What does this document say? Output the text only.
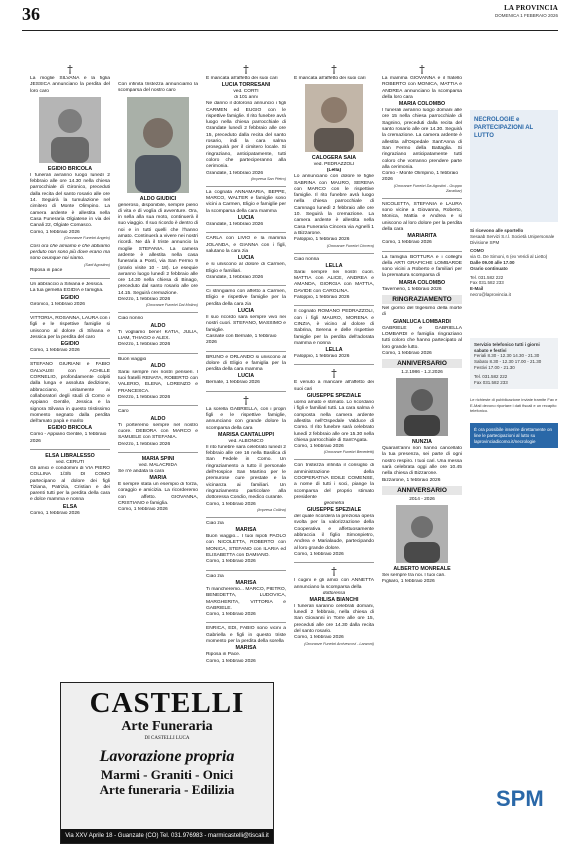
36	LA PROVINCIA
DOMENICA 1 FEBBRAIO 2026
†

La moglie SILVANA e la figlia JESSICA annunciano la perdita del loro caro

EGIDIO BRICOLA

I funerali avranno luogo lunedì 2 febbraio alle ore 14.30 nella chiesa parrocchiale di Gironico, preceduti dalla recita del santo rosario alle ore 14. Seguirà la tumulazione nel cimitero di Monte Olimpino. La camera ardente è allestita nella Casa Funeraria Olgiatese in via dei Canali 22, Olgiate Comasco.

Como, 1 febbraio 2026

(Onoranze Funebri Angelo)

Così ora che amiamo e che abbiamo perduto non sono più dove erano ma sono ovunque noi siamo.

(Sant'Agostino)

Riposa in pace

Un abbraccio a Silvana e Jessica.

La tua gemella EGIDIA e famiglia.

EGIDIO

Gironico, 1 febbraio 2026

VITTORIA, ROSANNA, LAURA con i figli e le rispettive famiglie si uniscono al dolore di Silvana e Jessica per la perdita del caro

EGIDIO

Como, 1 febbraio 2026

STEFANO GIURIANI e FABIO GALVAUSI con ACHILLE CORNELIO, profondamente colpiti dalla lunga e assoluta dedizione, abbracciano, unitamente ai collaboratori degli studi di Como e Appiano Gentile, Jessica e la signora Silvana in questo tristissimo momento segnato dalla perdita dell'amato papà e marito

EGIDIO BRICOLA

Como - Appiano Gentile, 1 febbraio 2026

ELSA LIBRALESSO
ved. CERUTI

Gli amici e condomini di VIA PIERO COLLINA 1/3/5 DI COMO partecipano al dolore dei figli Tiziana, Patrizia, Cristian e dei parenti tutti per la perdita della cara e dolce mamma e nonna

ELSA

Como, 1 febbraio 2026

Con infinita tristezza annunciamo la scomparsa del nostro caro

ALDO GIUDICI

generoso, disponibile, sempre pieno di vita e di voglia di avventure. Ora, in sella alla sua moto, continuerà il suo viaggio. Il suo ricordo è dentro di noi e in tutti quelli che l'hanno amato. Continuerà a vivere nei nostri ricordi. Ne dà il triste annuncio la moglie STEFANIA. La camera ardente è allestita nella casa funeraria a Ponti, via San Fermo 9 (orario visite 10 - 18). Le esequie avranno luogo lunedì 2 febbraio alle ore 14.30 nella chiesa di Binago, preceduto dal santo rosario alle ore 14.15. Seguirà cremazione.

Drezzo, 1 febbraio 2026

(Onoranze Funebri Dal Molino)

Ciao nonno

ALDO

Ti vogliamo bene! KATIA, JULIA, LIAM, THIAGO e ALEX.

Drezzo, 1 febbraio 2026

Buon viaggio

ALDO

Sarai sempre nei nostri pensieri. I tuoi fratelli RENATA, ROBERTO con VALERIO, ELENA, LORENZO e FRANCESCA.

Drezzo, 1 febbraio 2026

Caro

ALDO

Ti porteremo sempre nel nostro cuore. DEBORA con MARCO e SAMUELE con STEFANIA.

Drezzo, 1 febbraio 2026

MARIA SPINI
ved. MALACRIDA

Se n'è andata la cara

MARIA

È sempre stata un esempio di forza, coraggio e amicizia. La ricorderemo con affetto. GIOVANNA, CRISTIANO e famiglia.

Como, 1 febbraio 2026

†

È mancata all'affetto dei suoi cari

LUCIA TORRESANI
ved. CORTI
di 101 anni

Ne danno il doloroso annuncio i figli CARMEN ed EUGIO con le rispettive famiglie. Il rito funebre avrà luogo nella chiesa parrocchiale di Grandate lunedì 2 febbraio alle ore 15, preceduto dalla recita del santo rosario, indi la cara salma proseguirà per il cimitero locale. Si ringraziano, anticipatamente, tutti coloro che parteciperanno alla cerimonia.

Grandate, 1 febbraio 2026

(Impresa San Pietro)

La cognata ANNAMARIA, BEPPE, MARCO, WALTER e famiglie sono vicini a Carmen, Eligio e famiglie per la scomparsa della cara mamma

LUCIA

Grandate, 1 febbraio 2026

CARLA con LIVIO e la mamma JOLANDA, e GIANNA con i figli, salutano la cara zia

LUCIA

e si uniscono al dolore di Carmen, Eligio e familiari.

Grandate, 1 febbraio 2026

Ci stringiamo con affetto a Carmen, Eligio e rispettive famiglie per la perdita della cara zia

LUCIA

Il suo ricordo sarà sempre vivo nei nostri cuori. STEFANO, MASSIMO e famiglie.

Casnate con Bernate, 1 febbraio 2026

BRUNO e ORLANDO si uniscono al dolore di Eligio e famiglia per la perdita della cara mamma

LUCIA

Bernate, 1 febbraio 2026

†

La sorella GABRIELLA, con i propri figli e le rispettive famiglie, annunciano con grande dolore la scomparsa della cara

MARISA CANTALUPPI
ved. ALBONICO

Il rito funebre sarà celebrato lunedì 2 febbraio alle ore 16 nella Basilica di San Fedele in Como. Un ringraziamento a tutto il personale dell'Hospice San Martino per le premurose cure prestate e la vicinanza ai familiari. Un ringraziamento particolare alla dottoressa Condio, medico curante.

Como, 1 febbraio 2026

(Impresa Collina)

Ciao zia

MARISA

Buon viaggio... I tuoi nipoti PAOLO con NICOLETTA, ROBERTO con MONICA, STEFANO con ILARIA ed ELISABETTA con DAMIANO.

Como, 1 febbraio 2026

Ciao zia

MARISA

Ti mancheremo... MARCO, PIETRO, BENEDETTA, LUDOVICA, MARGHERITA, VITTORIA e GABRIELE.

Como, 1 febbraio 2026

ENRICA, EDI, FABIO sono vicini a Gabriella e figli in questo triste momento per la perdita della sorella

MARISA

Riposa in Pace.

Como, 1 febbraio 2026

†

È mancata all'affetto dei suoi cari

CALOGERA SAIA
ved. PEDRAZZOLI
(Lella)

Lo annunciano con dolore le figlie SABRINA con MAURO, SERENA con MARCO con le rispettive famiglie. Il rito funebre avrà luogo nella chiesa parrocchiale di Camnago lunedì 2 febbraio alle ore 10. Seguirà la cremazione. La camera ardente è allestita nella Casa Funeraria Cincera via Agnelli 1 a Bizzarone.

Faloppio, 1 febbraio 2026

(Onoranze Funebri Cincera)

Ciao nonna

LELLA

Sarai sempre nei nostri cuori. MATTIA con ALICE, ANDREA e AMANDA, GIORGIA con MATTIA, DAVIDE con CAROLINA.

Faloppio, 1 febbraio 2026

Il cognato ROMANO PEDRAZZOLI, con i figli MAURO, MORENA e CINZIA, è vicino al dolore di Sabrina, Serena e delle rispettive famiglie per la perdita dell'adorata mamma e nonna

LELLA

Faloppio, 1 febbraio 2026

†

È venuto a mancare all'affetto dei suoi cari

GIUSEPPE SPEZIALE

uomo amato e stimato. Lo ricordano i figli e familiari tutti. La cara salma è composta nella camera ardente allestita nell'Ospedale Valduce di Como. Il rito funebre sarà celebrato lunedì 2 febbraio alle ore 15.30 nella chiesa parrocchiale di Sant'Agata.

Como, 1 febbraio 2026

(Onoranze Funebri Benedetti)

Con tristezza infinita il consiglio di amministrazione della COOPERATIVA EDILE COMENSE, a nome di tutti i soci, piange la scomparsa del proprio stimato presidente

geometra
GIUSEPPE SPEZIALE

del quale ricorderà la preziosa opera svolta per la valorizzazione della Cooperativa e affettuosamente abbraccia il figlio Simonpietro, Andrea e Marialaude, partecipando al loro grande dolore.

Como, 1 febbraio 2026

†

I cugini e gli amici con ANNETTA annunciano la scomparsa della

dottoressa
MARILISA BIANCHI

I funerali saranno celebrati domani, lunedì 2 febbraio, nella chiesa di San Giovanni in Torre alle ore 15, preceduti alle ore 14.30 dalla recita del santo rosario.

Como, 1 febbraio 2026

(Onoranze Funebri Arcivescovi - Lanzoni)

†

La mamma GIOVANNA e il fratello ROBERTO con MONICA, MATTIA e ANDREA annunciano la scomparsa della loro cara

MARIA COLOMBO

I funerali avranno luogo domani alle ore 15 nella chiesa parrocchiale di Sagnino, preceduti dalla recita del santo rosario alle ore 14.30. Seguirà la cremazione. La camera ardente è allestita all'Ospedale Sant'Anna di San Fermo della Battaglia. Si ringraziano anticipatamente tutti coloro che vorranno prendere parte alla cerimonia.

Como - Monte Olimpino, 1 febbraio 2026

(Onoranze Funebri Da Agostini - Gruppo Zanzibar)

NICOLETTA, STEFANIA e LAURA sono vicine a Giovanna, Roberto, Monica, Mattia e Andrea e si uniscono al loro dolore per la perdita della cara

MARIARITA

Como, 1 febbraio 2026

La famiglia BOTTURA e i colleghi della ARTI GRAFICHE LOMBARDE sono vicini a Roberto e familiari per la prematura scomparsa di

MARIA COLOMBO

Tavernerio, 1 febbraio 2026

RINGRAZIAMENTO

Nel giorno del trigesimo della morte di

GIANLUCA LOMBARDI

GABRIELE e GABRIELLA LOMBARDI e famiglia ringraziano tutti coloro che hanno partecipato al loro grande lutto.

Como, 1 febbraio 2026

ANNIVERSARIO
1.2.1986 - 1.2.2026
NUNZIA

Quarant'anni non hanno cancellato la tua presenza, sei parte di ogni nostro respiro. I tuoi cari. Una messa sarà celebrata oggi alle ore 10.45 nella chiesa di Bizzarone.

Bizzarone, 1 febbraio 2026

ANNIVERSARIO
2014 - 2026
ALBERTO MONREALE

Sei sempre tra noi. I tuoi cari.

Figliaro, 1 febbraio 2026

NECROLOGIE e PARTECIPAZIONI AL LUTTO

Si ricevono alle sportello

Sesaab Servizi S.r.l. Società Unipersonale Divisione SPM

COMO

via G. De Simoni, 6 (ex Veridi al Lietto)

Dalle 09.00 alle 17.00

Orario continuato

Tel. 031.582 222

Fax 031.582 233

E-Mail

necro@laprovincia.it

Servizio telefonico tutti i giorni sabato e festivi

Feriali 8.30 - 12.30 14.30 - 21.30

Sabato 8.30 - 12.30 17.00 - 21.30

Festivi 17.00 - 21.30

Tel. 031.582 222

Fax 031.582 233

Le richieste di pubblicazione inviate tramite Fax e E-Mail devono riportare i dati fiscali e un recapito telefonico.

È ora possibile inserire direttamente on line le partecipazioni al lutto su laprovinciadicomo.it/necrologie

SPM
CASTELLI
Arte Funeraria
DI CASTELLI LUCA
Lavorazione propria
Marmi - Graniti - Onici
Arte funeraria - Edilizia
Via XXV Aprile 18 - Guanzate (CO) Tel. 031.976983 - marmicastelli@tiscali.it
